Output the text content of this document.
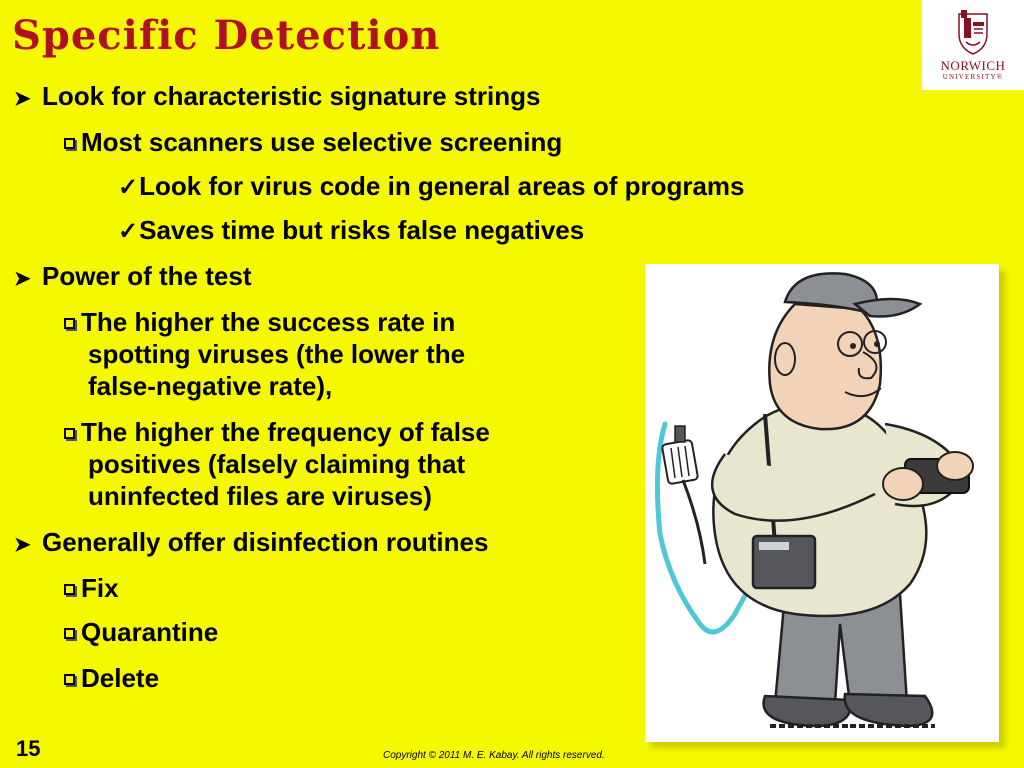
Specific Detection
NORWICH
UNIVERSITY®

➤ Look for characteristic signature strings

Most scanners use selective screening

✓Look for virus code in general areas of programs

✓Saves time but risks false negatives

➤ Power of the test

The higher the success rate in

spotting viruses (the lower the

false-negative rate),

The higher the frequency of false

positives (falsely claiming that

uninfected files are viruses)

➤ Generally offer disinfection routines

Fix

Quarantine

Delete

15	Copyright © 2011 M. E. Kabay. All rights reserved.
